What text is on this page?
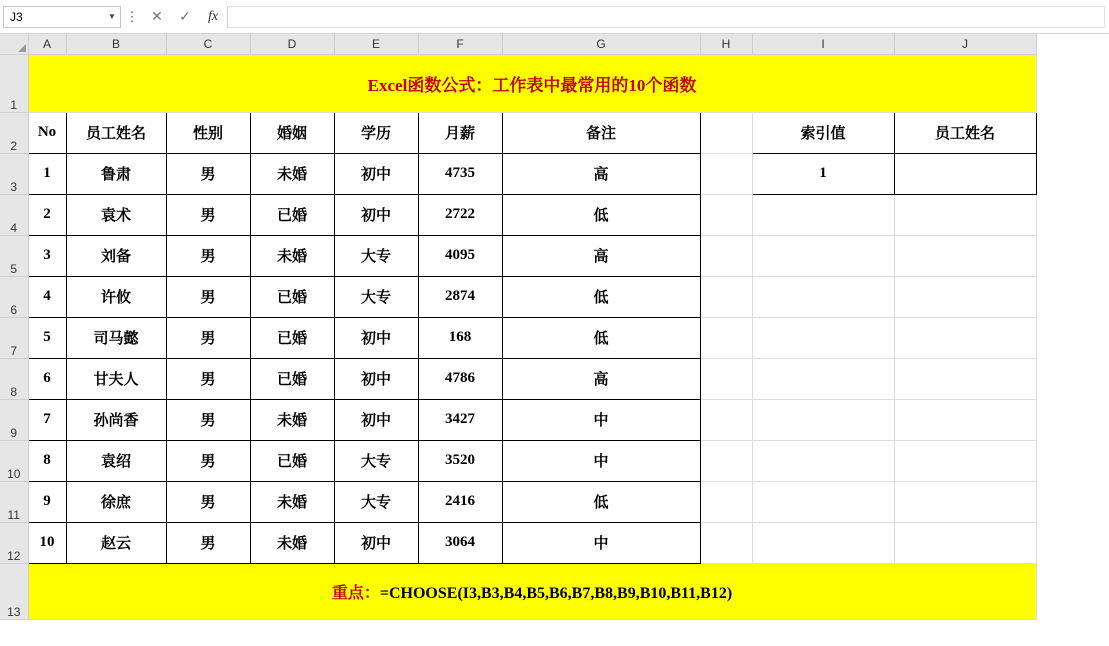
J3	▼ ⋮ ✕	✓	fx
	A	B	C	D	E	F	G	H	I	J
1	Excel函数公式：工作表中最常用的10个函数									
2	No	员工姓名	性别	婚姻	学历	月薪	备注		索引值	员工姓名
3	1	鲁肃	男	未婚	初中	4735	高		1	
4	2	袁术	男	已婚	初中	2722	低			
5	3	刘备	男	未婚	大专	4095	高			
6	4	许攸	男	已婚	大专	2874	低			
7	5	司马懿	男	已婚	初中	168	低			
8	6	甘夫人	男	已婚	初中	4786	高			
9	7	孙尚香	男	未婚	初中	3427	中			
10	8	袁绍	男	已婚	大专	3520	中			
11	9	徐庶	男	未婚	大专	2416	低			
12	10	赵云	男	未婚	初中	3064	中			
13	重点：=CHOOSE(I3,B3,B4,B5,B6,B7,B8,B9,B10,B11,B12)									
